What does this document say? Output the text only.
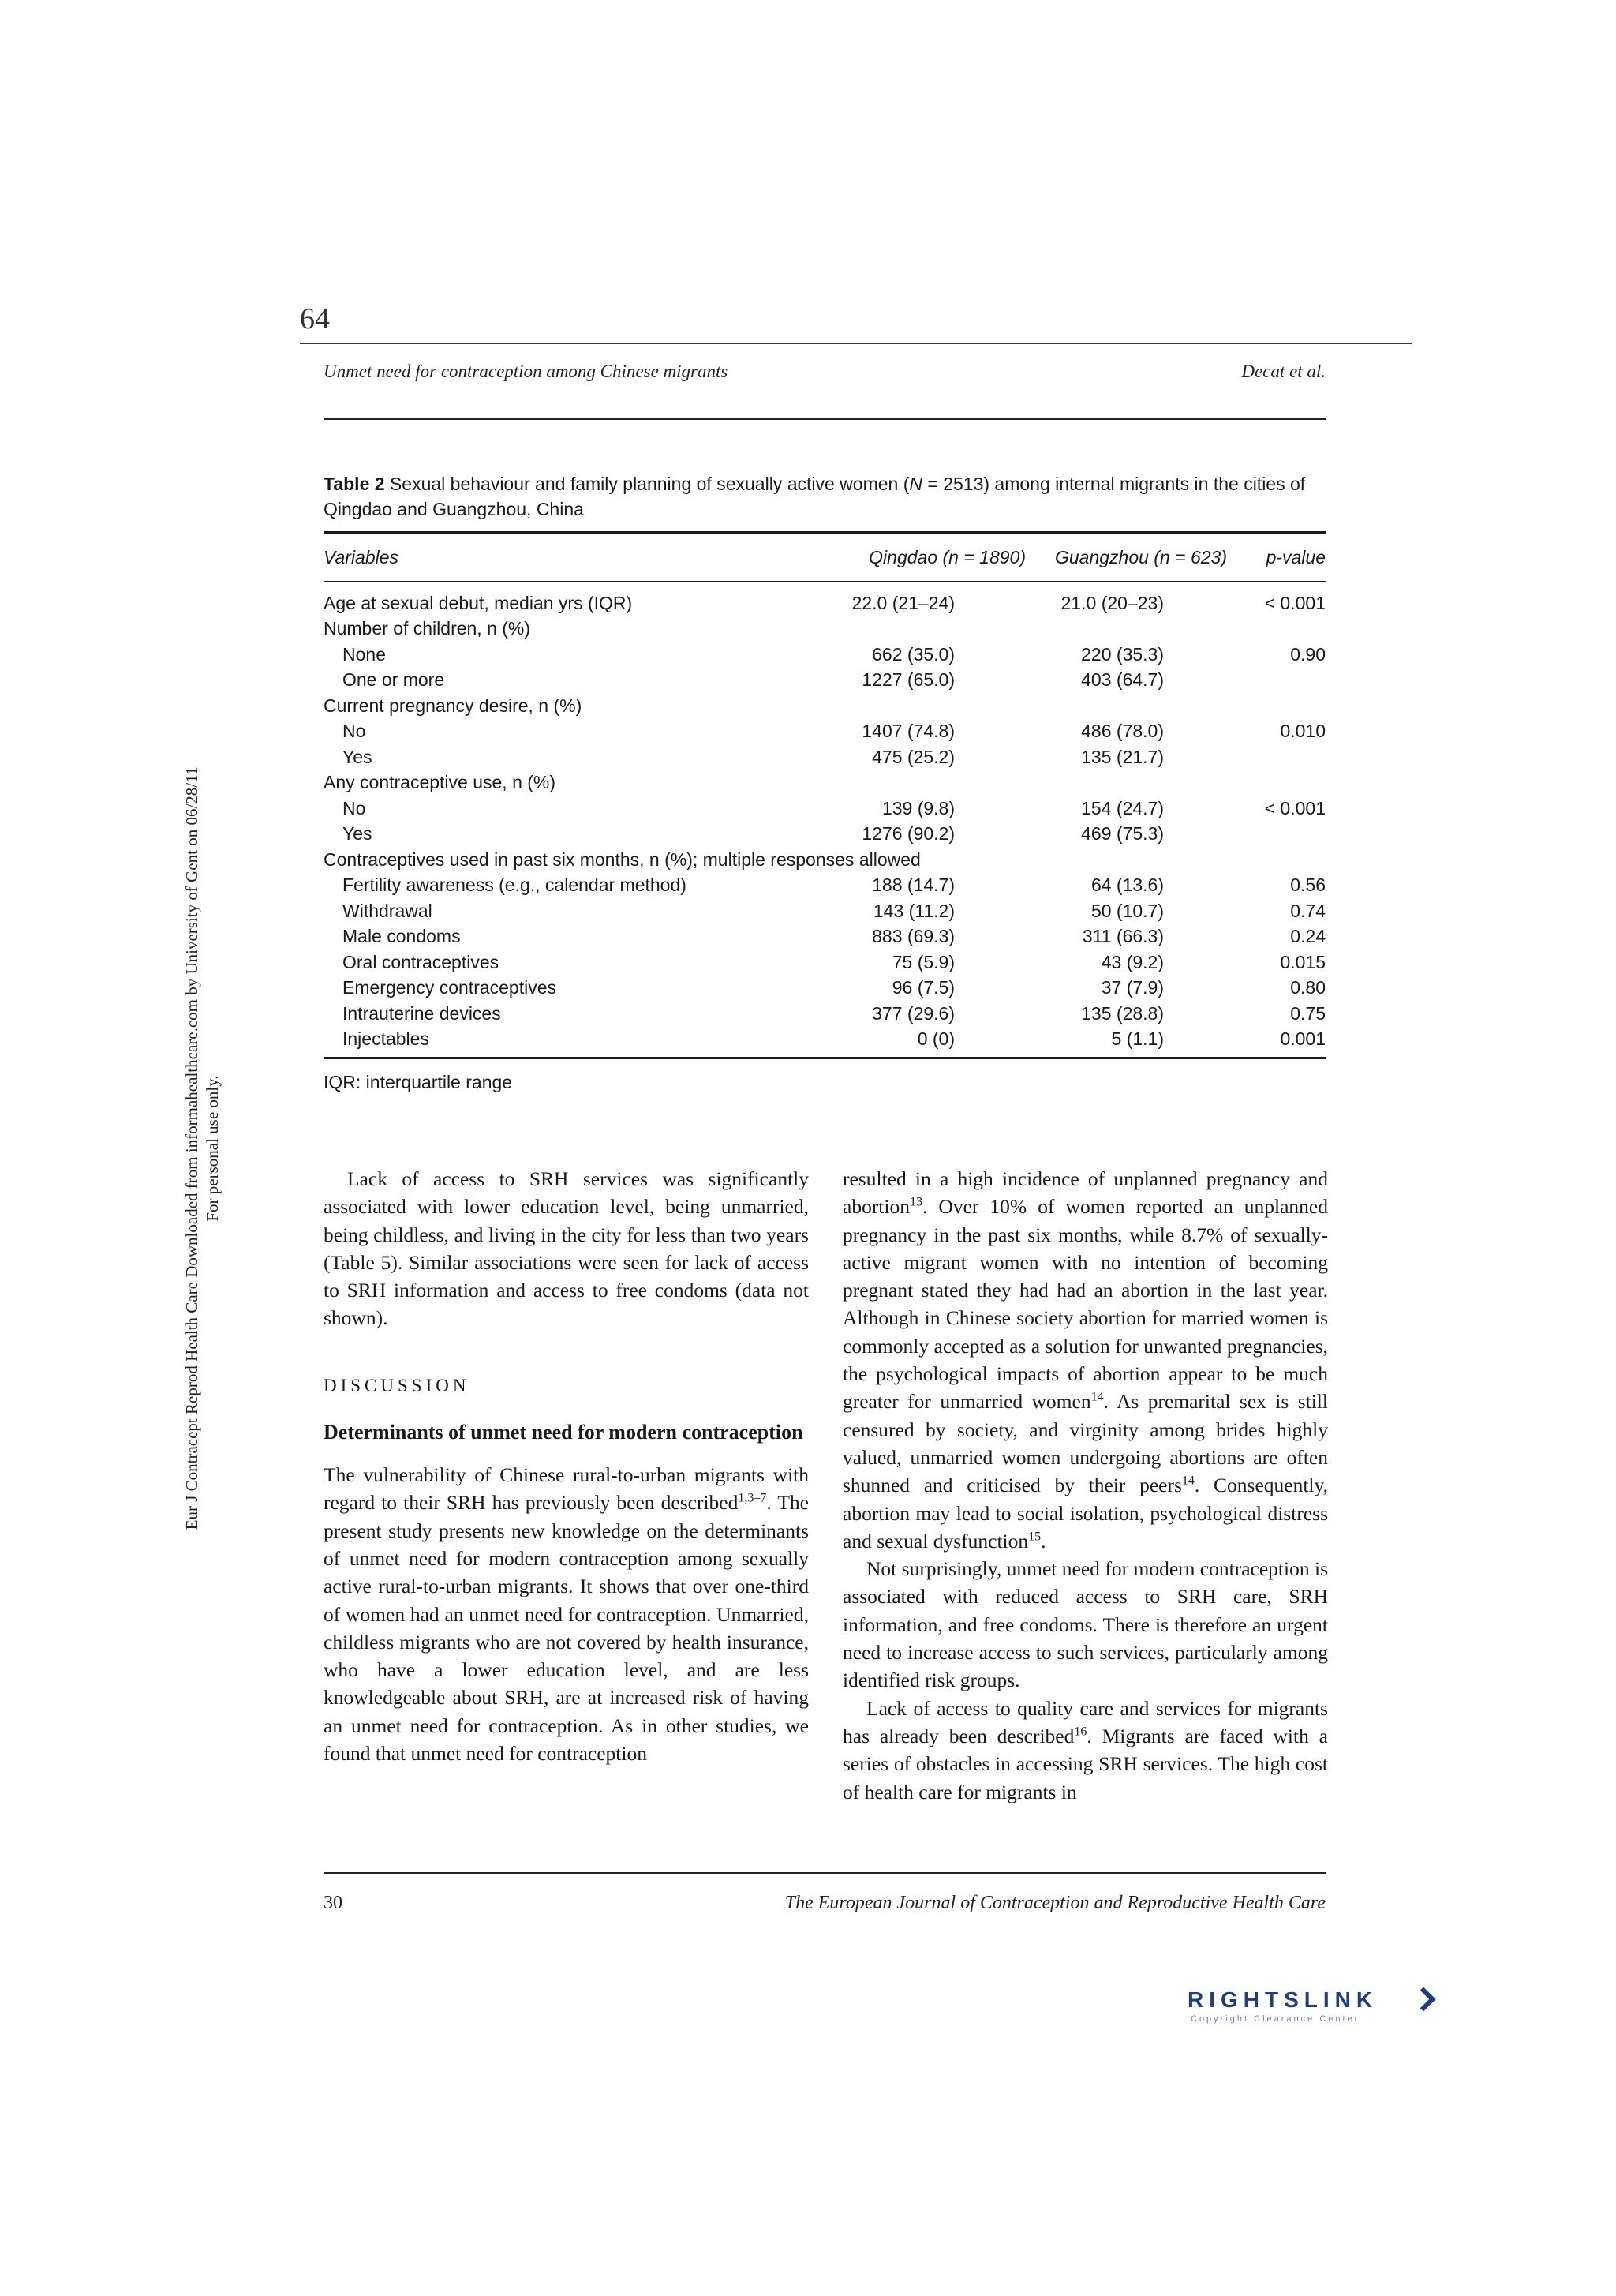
64
Unmet need for contraception among Chinese migrants	Decat et al.
Eur J Contracept Reprod Health Care Downloaded from informahealthcare.com by University of Gent on 06/28/11 For personal use only.
Table 2 Sexual behaviour and family planning of sexually active women (N = 2513) among internal migrants in the cities of Qingdao and Guangzhou, China
Variables	Qingdao (n = 1890)	Guangzhou (n = 623)	p-value
Age at sexual debut, median yrs (IQR)	22.0 (21–24)	21.0 (20–23)	< 0.001
Number of children, n (%)
None	662 (35.0)	220 (35.3)	0.90
One or more	1227 (65.0)	403 (64.7)
Current pregnancy desire, n (%)
No	1407 (74.8)	486 (78.0)	0.010
Yes	475 (25.2)	135 (21.7)
Any contraceptive use, n (%)
No	139 (9.8)	154 (24.7)	< 0.001
Yes	1276 (90.2)	469 (75.3)
Contraceptives used in past six months, n (%); multiple responses allowed
Fertility awareness (e.g., calendar method)	188 (14.7)	64 (13.6)	0.56
Withdrawal	143 (11.2)	50 (10.7)	0.74
Male condoms	883 (69.3)	311 (66.3)	0.24
Oral contraceptives	75 (5.9)	43 (9.2)	0.015
Emergency contraceptives	96 (7.5)	37 (7.9)	0.80
Intrauterine devices	377 (29.6)	135 (28.8)	0.75
Injectables	0 (0)	5 (1.1)	0.001
IQR: interquartile range

Lack of access to SRH services was significantly associated with lower education level, being unmarried, being childless, and living in the city for less than two years (Table 5). Similar associations were seen for lack of access to SRH information and access to free condoms (data not shown).

DISCUSSION
Determinants of unmet need for modern contraception

The vulnerability of Chinese rural-to-urban migrants with regard to their SRH has previously been described$^{1,3-7}$. The present study presents new knowledge on the determinants of unmet need for modern contraception among sexually active rural-to-urban migrants. It shows that over one-third of women had an unmet need for contraception. Unmarried, childless migrants who are not covered by health insurance, who have a lower education level, and are less knowledgeable about SRH, are at increased risk of having an unmet need for contraception. As in other studies, we found that unmet need for contraception

resulted in a high incidence of unplanned pregnancy and abortion$^{13}$. Over 10% of women reported an unplanned pregnancy in the past six months, while 8.7% of sexually-active migrant women with no intention of becoming pregnant stated they had had an abortion in the last year. Although in Chinese society abortion for married women is commonly accepted as a solution for unwanted pregnancies, the psychological impacts of abortion appear to be much greater for unmarried women$^{14}$. As premarital sex is still censured by society, and virginity among brides highly valued, unmarried women undergoing abortions are often shunned and criticised by their peers$^{14}$. Consequently, abortion may lead to social isolation, psychological distress and sexual dysfunction$^{15}$.

Not surprisingly, unmet need for modern contraception is associated with reduced access to SRH care, SRH information, and free condoms. There is therefore an urgent need to increase access to such services, particularly among identified risk groups.

Lack of access to quality care and services for migrants has already been described$^{16}$. Migrants are faced with a series of obstacles in accessing SRH services. The high cost of health care for migrants in

30	The European Journal of Contraception and Reproductive Health Care
RIGHTSLINK
Copyright Clearance Center
